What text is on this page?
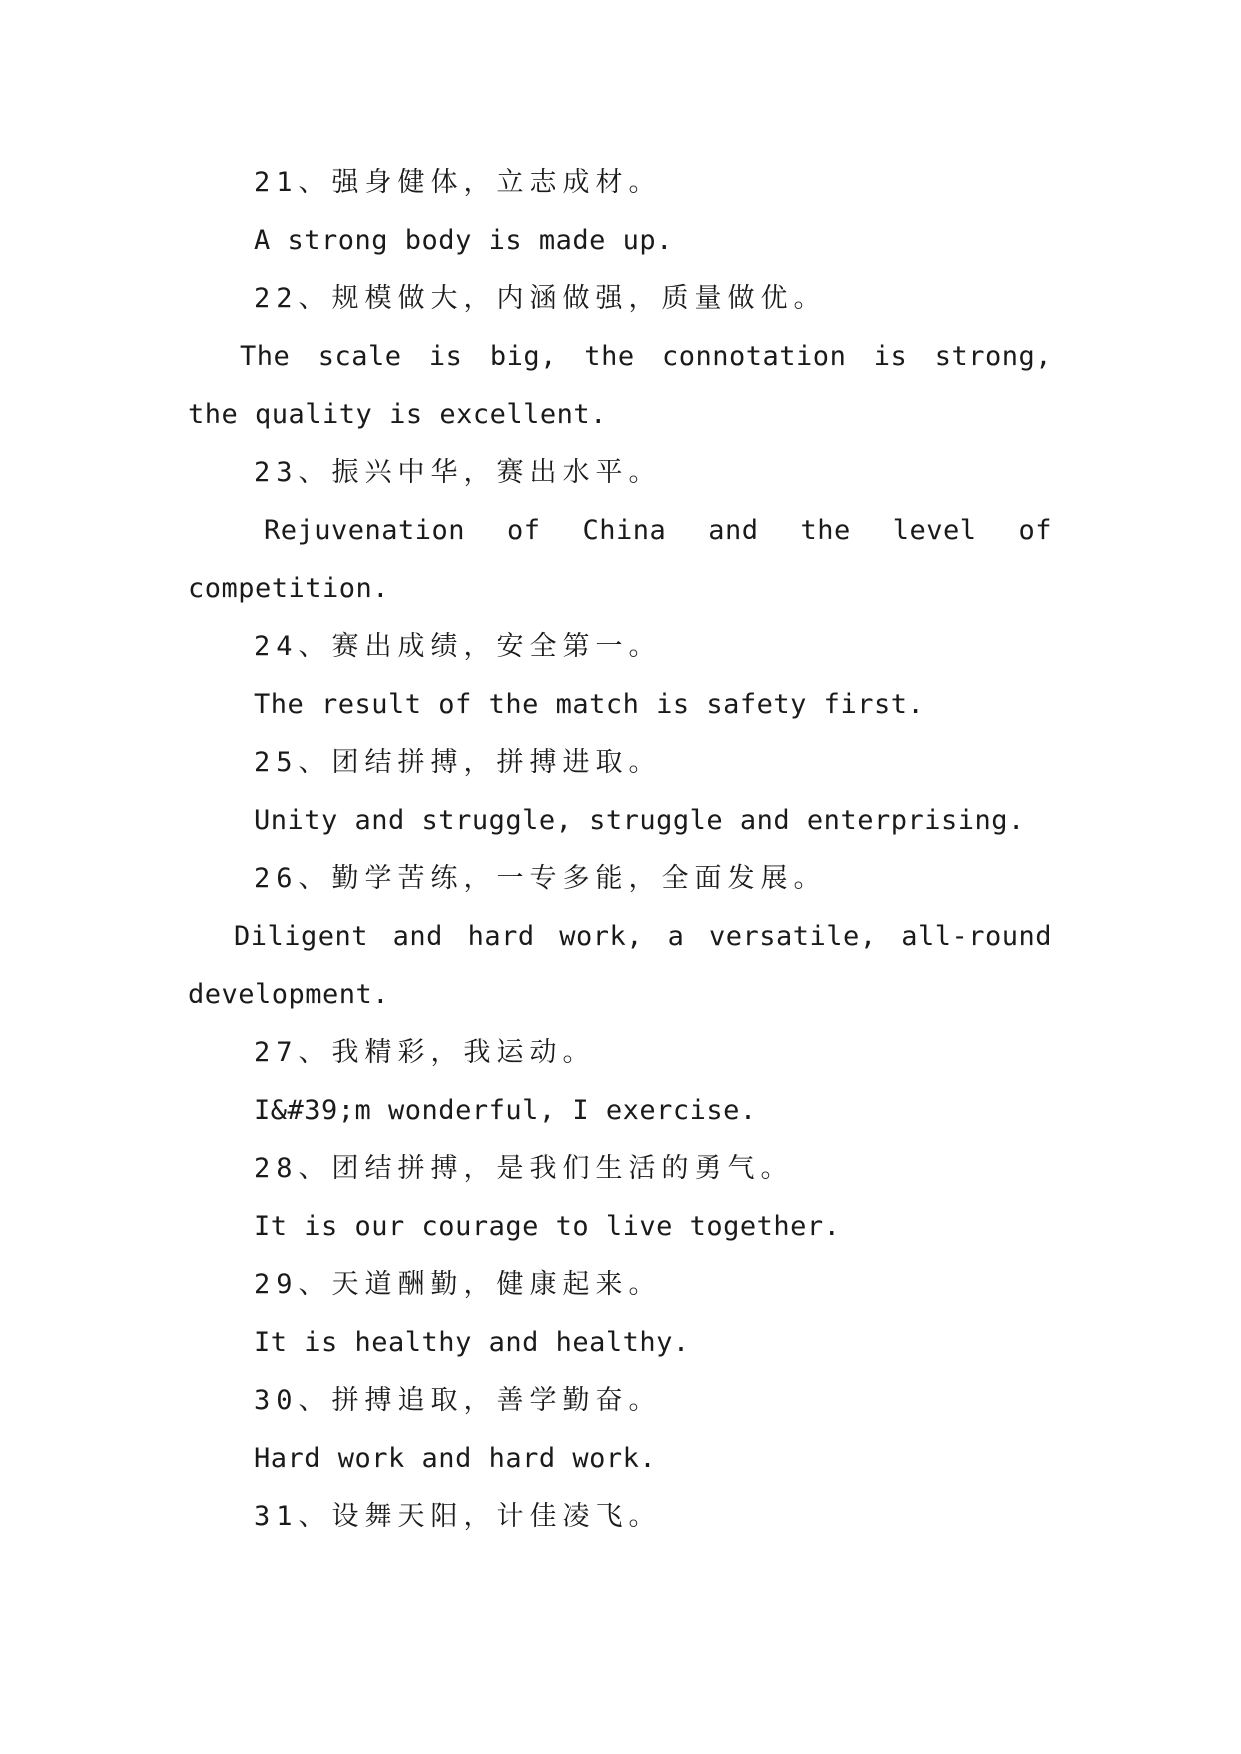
21、强身健体，立志成材。
A strong body is made up.
22、规模做大，内涵做强，质量做优。
The scale is big, the connotation is strong,
the quality is excellent.
23、振兴中华，赛出水平。
Rejuvenation of China and the level of
competition.
24、赛出成绩，安全第一。
The result of the match is safety first.
25、团结拼搏，拼搏进取。
Unity and struggle, struggle and enterprising.
26、勤学苦练，一专多能，全面发展。
Diligent and hard work, a versatile, all-round
development.
27、我精彩，我运动。
I&#39;m wonderful, I exercise.
28、团结拼搏，是我们生活的勇气。
It is our courage to live together.
29、天道酬勤，健康起来。
It is healthy and healthy.
30、拼搏追取，善学勤奋。
Hard work and hard work.
31、设舞天阳，计佳凌飞。
